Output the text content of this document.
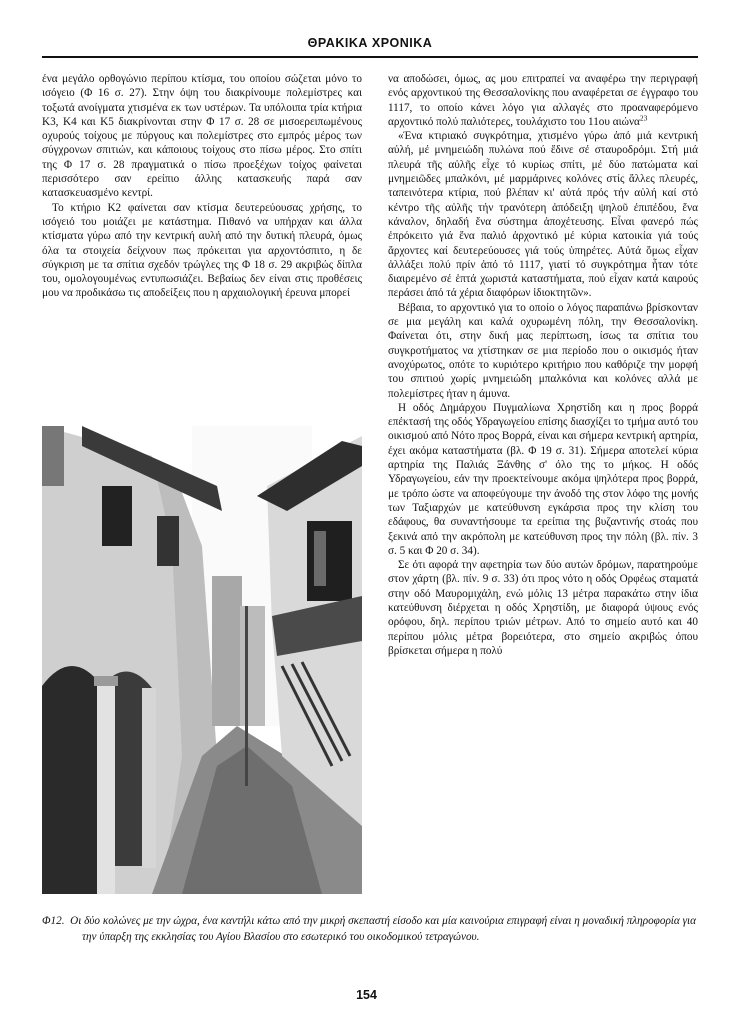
ΘΡΑΚΙΚΑ ΧΡΟΝΙΚΑ

ένα μεγάλο ορθογώνιο περίπου κτίσμα, του οποίου σώζεται μόνο το ισόγειο (Φ 16 σ. 27). Στην όψη του διακρίνουμε πολεμίστρες και τοξωτά ανοίγματα χτισμένα εκ των υστέρων. Τα υπόλοιπα τρία κτήρια Κ3, Κ4 και Κ5 διακρίνονται στην Φ 17 σ. 28 σε μισοερειπωμένους οχυρούς τοίχους με πύργους και πολεμίστρες στο εμπρός μέρος των σύγχρονων σπιτιών, και κάποιους τοίχους στο πίσω μέρος. Στο σπίτι της Φ 17 σ. 28 πραγματικά ο πίσω προεξέχων τοίχος φαίνεται περισσότερο σαν ερείπιο άλλης κατασκευής παρά σαν κατασκευασμένο κεντρί.

Το κτήριο Κ2 φαίνεται σαν κτίσμα δευτερεύουσας χρήσης, το ισόγειό του μοιάζει με κατάστημα. Πιθανό να υπήρχαν και άλλα κτίσματα γύρω από την κεντρική αυλή από την δυτική πλευρά, όμως όλα τα στοιχεία δείχνουν πως πρόκειται για αρχοντόσπιτο, η δε σύγκριση με τα σπίτια σχεδόν τρώγλες της Φ 18 σ. 29 ακριβώς δίπλα του, ομολογουμένως εντυπωσιάζει. Βεβαίως δεν είναι στις προθέσεις μου να προδικάσω τις αποδείξεις που η αρχαιολογική έρευνα μπορεί

να αποδώσει, όμως, ας μου επιτραπεί να αναφέρω την περιγραφή ενός αρχοντικού της Θεσσαλονίκης που αναφέρεται σε έγγραφο του 1117, το οποίο κάνει λόγο για αλλαγές στο προαναφερόμενο αρχοντικό πολύ παλιότερες, τουλάχιστο του 11ου αιώνα$^{23}$

«Ένα κτιριακό συγκρότημα, χτισμένο γύρω ἀπό μιά κεντρική αὐλή, μέ μνημειώδη πυλώνα πού ἔδινε σέ σταυροδρόμι. Στή μιά πλευρά τῆς αὐλῆς εἶχε τό κυρίως σπίτι, μέ δύο πατώματα καί μνημειῶδες μπαλκόνι, μέ μαρμάρινες κολόνες στίς ἄλλες πλευρές, ταπεινότερα κτίρια, πού βλέπαν κι' αὐτά πρός τήν αὐλή καί στό κέντρο τῆς αὐλῆς τήν τρανότερη ἀπόδειξη ψηλοῦ ἐπιπέδου, ἕνα κάναλον, δηλαδή ἕνα σύστημα ἀποχέτευσης. Εἶναι φανερό πώς ἐπρόκειτο γιά ἕνα παλιό ἀρχοντικό μέ κύρια κατοικία γιά τούς ἄρχοντες καί δευτερεύουσες γιά τούς ὑπηρέτες. Αὐτά ὅμως εἶχαν ἀλλάξει πολύ πρίν ἀπό τό 1117, γιατί τό συγκρότημα ἦταν τότε διαιρεμένο σέ ἑπτά χωριστά καταστήματα, πού εἶχαν κατά καιρούς περάσει ἀπό τά χέρια διαφόρων ἰδιοκτητῶν».

Βέβαια, το αρχοντικό για το οποίο ο λόγος παραπάνω βρίσκονταν σε μια μεγάλη και καλά οχυρωμένη πόλη, την Θεσσαλονίκη. Φαίνεται ότι, στην δική μας περίπτωση, ίσως τα σπίτια του συγκροτήματος να χτίστηκαν σε μια περίοδο που ο οικισμός ήταν ανοχύρωτος, οπότε το κυριότερο κριτήριο που καθόριζε την μορφή του σπιτιού χωρίς μνημειώδη μπαλκόνια και κολόνες αλλά με πολεμίστρες ήταν η άμυνα.

Η οδός Δημάρχου Πυγμαλίωνα Χρηστίδη και η προς βορρά επέκτασή της οδός Υδραγωγείου επίσης διασχίζει το τμήμα αυτό του οικισμού από Νότο προς Βορρά, είναι και σήμερα κεντρική αρτηρία, έχει ακόμα καταστήματα (βλ. Φ 19 σ. 31). Σήμερα αποτελεί κύρια αρτηρία της Παλιάς Ξάνθης σ' όλο της το μήκος. Η οδός Υδραγωγείου, εάν την προεκτείνουμε ακόμα ψηλότερα προς βορρά, με τρόπο ώστε να αποφεύγουμε την άνοδό της στον λόφο της μονής των Ταξιαρχών με κατεύθυνση εγκάρσια προς την κλίση του εδάφους, θα συναντήσουμε τα ερείπια της βυζαντινής στοάς που ξεκινά από την ακρόπολη με κατεύθυνση προς την πόλη (βλ. πίν. 3 σ. 5 και Φ 20 σ. 34).

Σε ότι αφορά την αφετηρία των δύο αυτών δρόμων, παρατηρούμε στον χάρτη (βλ. πίν. 9 σ. 33) ότι προς νότο η οδός Ορφέως σταματά στην οδό Μαυρομιχάλη, ενώ μόλις 13 μέτρα παρακάτω στην ίδια κατεύθυνση διέρχεται η οδός Χρηστίδη, με διαφορά ύψους ενός ορόφου, δηλ. περίπου τριών μέτρων. Από το σημείο αυτό και 40 περίπου μόλις μέτρα βορειότερα, στο σημείο ακριβώς όπου βρίσκεται σήμερα η πολύ

Φ12. Οι δύο κολώνες με την ώχρα, ένα καντήλι κάτω από την μικρή σκεπαστή είσοδο και μία καινούρια επιγραφή είναι η μοναδική πληροφορία για την ύπαρξη της εκκλησίας του Αγίου Βλασίου στο εσωτερικό του οικοδομικού τετραγώνου.
154
